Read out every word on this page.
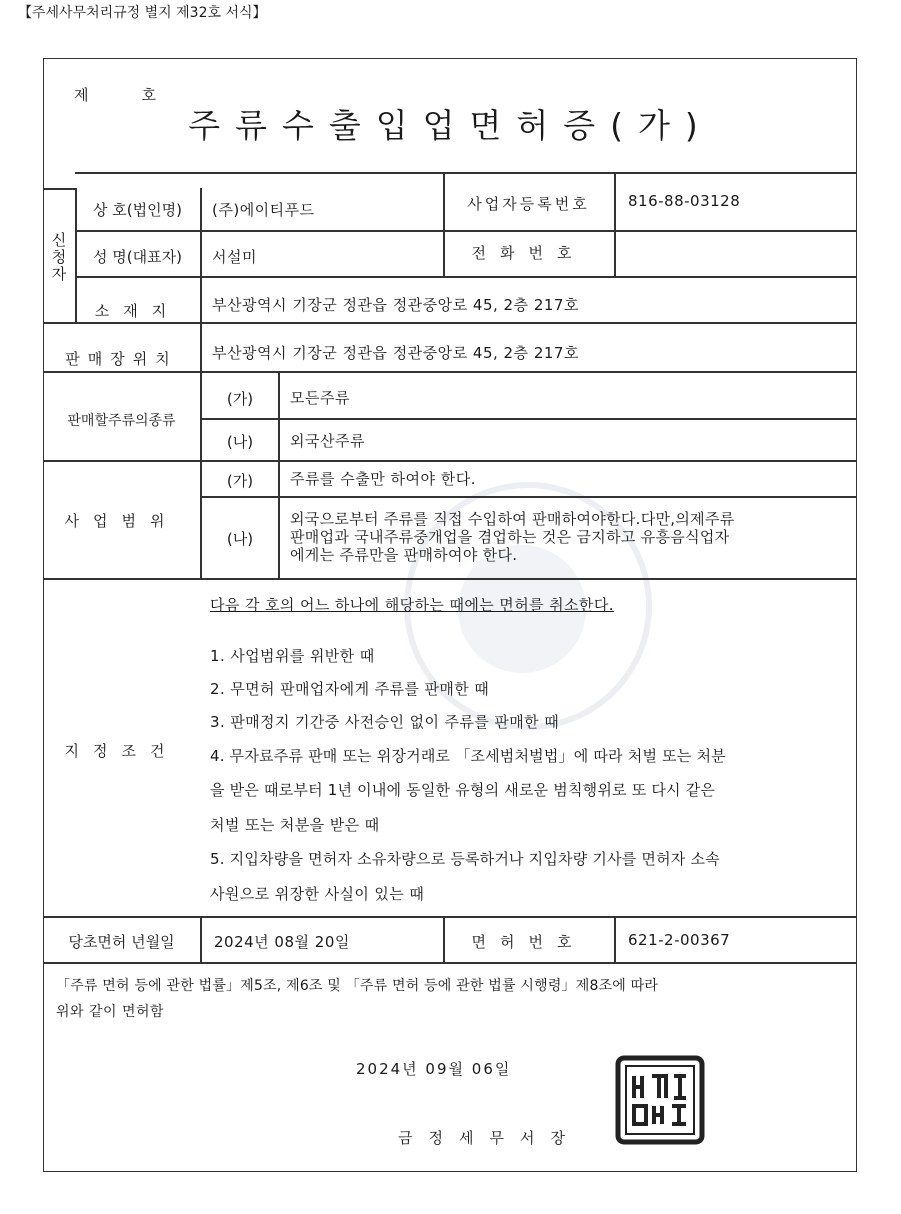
【주세사무처리규정 별지 제32호 서식】
제          호
주류수출입업면허증(가)
신청자
상 호(법인명)	(주)에이티푸드	사업자등록번호	816-88-03128
성 명(대표자)	서설미	전화번호
소재지	부산광역시 기장군 정관읍 정관중앙로 45, 2층 217호
판매장위치	부산광역시 기장군 정관읍 정관중앙로 45, 2층 217호
판매할주류의종류
(가)	모든주류
(나)	외국산주류
사업범위
(가)	주류를 수출만 하여야 한다.
(나)
외국으로부터 주류를 직접 수입하여 판매하여야한다.다만,의제주류
판매업과 국내주류중개업을 겸업하는 것은 금지하고 유흥음식업자
에게는 주류만을 판매하여야 한다.
지정조건
다음 각 호의 어느 하나에 해당하는 때에는 면허를 취소한다.
1. 사업범위를 위반한 때
2. 무면허 판매업자에게 주류를 판매한 때
3. 판매정지 기간중 사전승인 없이 주류를 판매한 때
4. 무자료주류 판매 또는 위장거래로 「조세범처벌법」에 따라 처벌 또는 처분
을 받은 때로부터 1년 이내에 동일한 유형의 새로운 범칙행위로 또 다시 같은
처벌 또는 처분을 받은 때
5. 지입차량을 면허자 소유차량으로 등록하거나 지입차량 기사를 면허자 소속
사원으로 위장한 사실이 있는 때
당초면허 년월일	2024년 08월 20일	면허번호	621-2-00367
「주류 면허 등에 관한 법률」제5조, 제6조 및 「주류 면허 등에 관한 법률 시행령」제8조에 따라
위와 같이 면허함
2024년 09월 06일
금정세무서장
